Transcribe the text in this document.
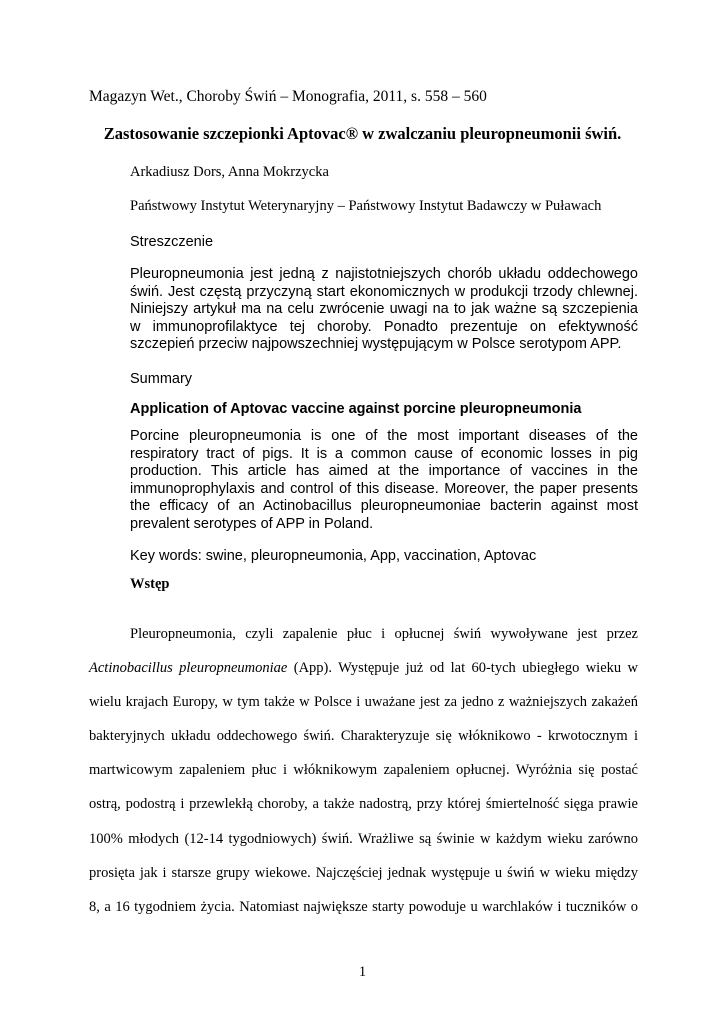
Magazyn Wet., Choroby Świń – Monografia, 2011, s. 558 – 560

Zastosowanie szczepionki Aptovac® w zwalczaniu pleuropneumonii świń.

Arkadiusz Dors, Anna Mokrzycka

Państwowy Instytut Weterynaryjny – Państwowy Instytut Badawczy w Puławach

Streszczenie

Pleuropneumonia jest jedną z najistotniejszych chorób układu oddechowego świń. Jest częstą przyczyną start ekonomicznych w produkcji trzody chlewnej. Niniejszy artykuł ma na celu zwrócenie uwagi na to jak ważne są szczepienia w immunoprofilaktyce tej choroby. Ponadto prezentuje on efektywność szczepień przeciw najpowszechniej występującym w Polsce serotypom APP.

Summary

Application of Aptovac vaccine against porcine pleuropneumonia

Porcine pleuropneumonia is one of the most important diseases of the respiratory tract of pigs. It is a common cause of economic losses in pig production. This article has aimed at the importance of vaccines in the immunoprophylaxis and control of this disease. Moreover, the paper presents the efficacy of an Actinobacillus pleuropneumoniae bacterin against most prevalent serotypes of APP in Poland.

Key words: swine, pleuropneumonia, App, vaccination, Aptovac

Wstęp

Pleuropneumonia, czyli zapalenie płuc i opłucnej świń wywoływane jest przez
Actinobacillus pleuropneumoniae (App). Występuje już od lat 60-tych ubiegłego wieku w
wielu krajach Europy, w tym także w Polsce i uważane jest za jedno z ważniejszych zakażeń
bakteryjnych układu oddechowego świń. Charakteryzuje się włóknikowo - krwotocznym i
martwicowym zapaleniem płuc i włóknikowym zapaleniem opłucnej. Wyróżnia się postać
ostrą, podostrą i przewlekłą choroby, a także nadostrą, przy której śmiertelność sięga prawie
100% młodych (12-14 tygodniowych) świń. Wrażliwe są świnie w każdym wieku zarówno
prosięta jak i starsze grupy wiekowe. Najczęściej jednak występuje u świń w wieku między
8, a 16 tygodniem życia. Natomiast największe starty powoduje u warchlaków i tuczników o

1
